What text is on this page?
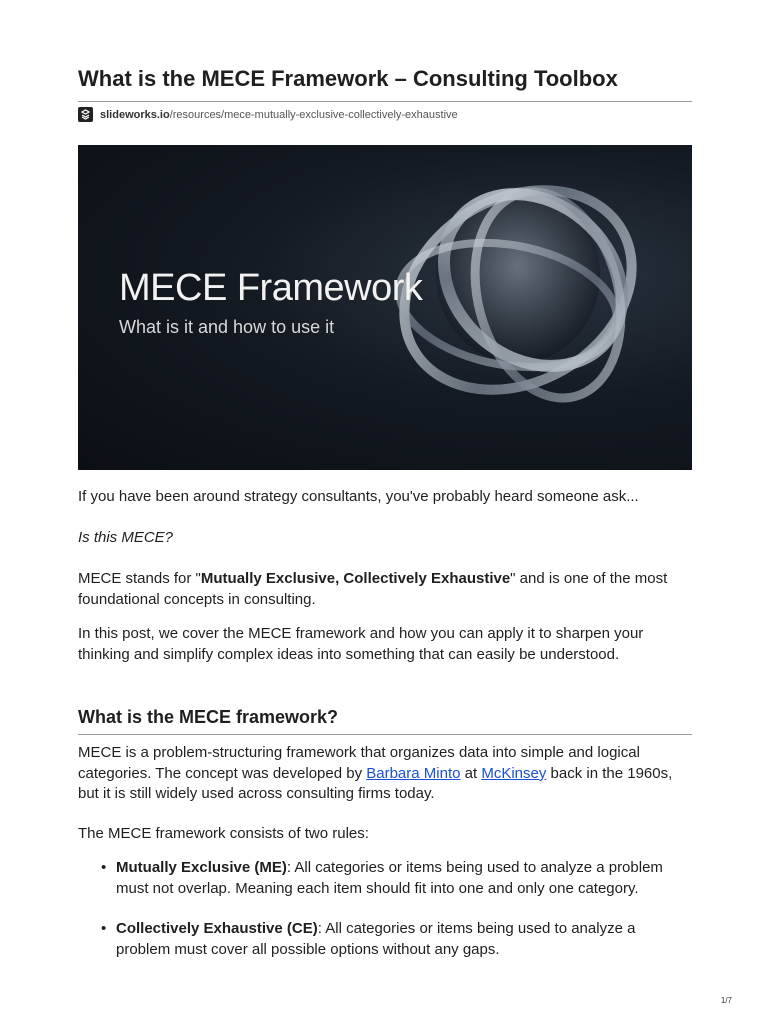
What is the MECE Framework – Consulting Toolbox
slideworks.io /resources/mece-mutually-exclusive-collectively-exhaustive
MECE Framework
What is it and how to use it

If you have been around strategy consultants, you've probably heard someone ask...

Is this MECE?

MECE stands for "Mutually Exclusive, Collectively Exhaustive" and is one of the most foundational concepts in consulting.

In this post, we cover the MECE framework and how you can apply it to sharpen your thinking and simplify complex ideas into something that can easily be understood.

What is the MECE framework?

MECE is a problem-structuring framework that organizes data into simple and logical categories. The concept was developed by Barbara Minto at McKinsey back in the 1960s, but it is still widely used across consulting firms today.

The MECE framework consists of two rules:

• Mutually Exclusive (ME): All categories or items being used to analyze a problem must not overlap. Meaning each item should fit into one and only one category.
• Collectively Exhaustive (CE): All categories or items being used to analyze a problem must cover all possible options without any gaps.
1/7
